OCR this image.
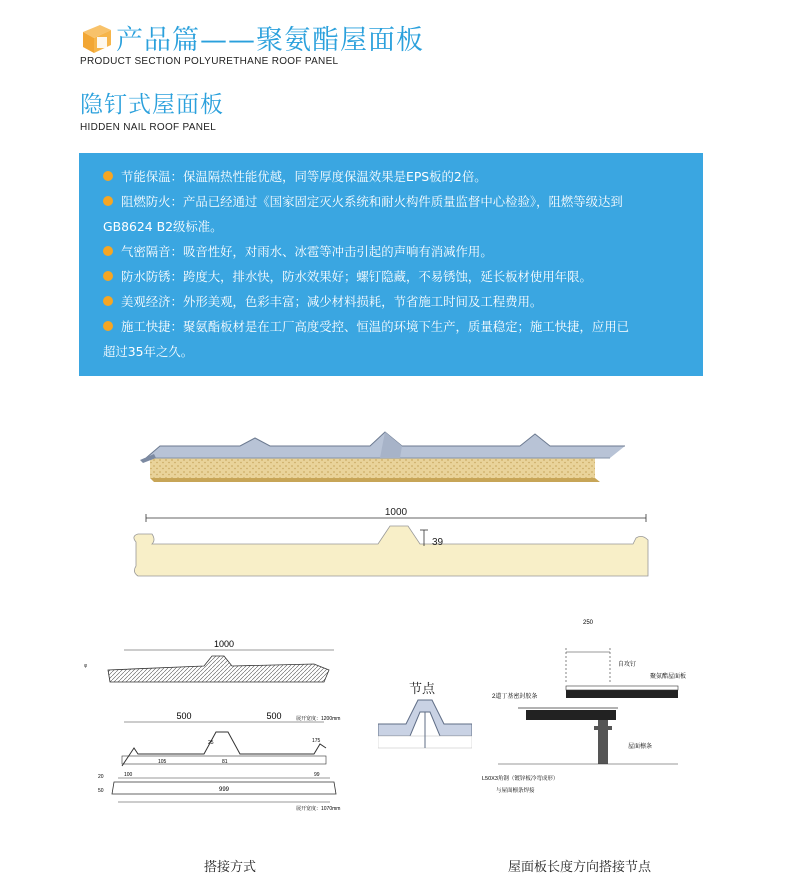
产品篇——聚氨酯屋面板
PRODUCT SECTION POLYURETHANE ROOF PANEL
隐钉式屋面板
HIDDEN NAIL ROOF PANEL
节能保温：保温隔热性能优越，同等厚度保温效果是EPS板的2倍。
阻燃防火：产品已经通过《国家固定灭火系统和耐火构件质量监督中心检验》，阻燃等级达到
GB8624 B2级标准。
气密隔音：吸音性好，对雨水、冰雹等冲击引起的声响有消减作用。
防水防锈：跨度大，排水快，防水效果好；螺钉隐藏，不易锈蚀，延长板材使用年限。
美观经济：外形美观，色彩丰富；减少材料损耗，节省施工时间及工程费用。
施工快捷：聚氨酯板材是在工厂高度受控、恒温的环境下生产，质量稳定；施工快捷，应用已
超过35年之久。
1000
39
1000
φ
500	500	展开宽度：1200mm
175
105	81
25
100	99
20
999
50
展开宽度：1070mm
节点
250
自攻钉
聚氨酯屋面板
2道丁基密封胶条
屋面檩条
L50X3角钢（镀锌板冷弯成形）
与屋面檩条焊接
搭接方式	屋面板长度方向搭接节点
